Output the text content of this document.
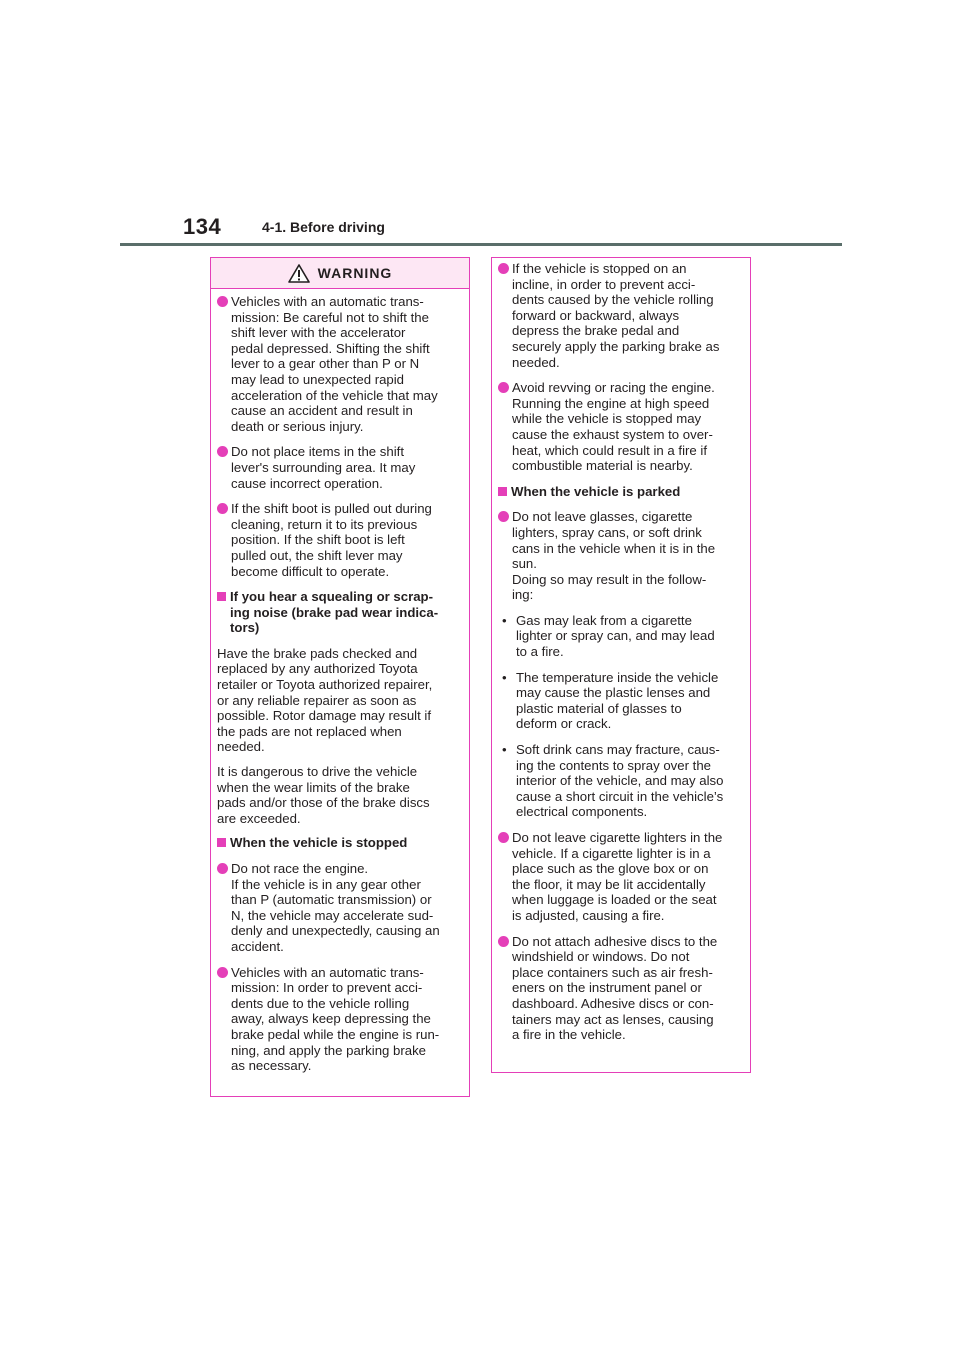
134	4-1. Before driving
WARNING
Vehicles with an automatic trans-
mission: Be careful not to shift the
shift lever with the accelerator
pedal depressed. Shifting the shift
lever to a gear other than P or N
may lead to unexpected rapid
acceleration of the vehicle that may
cause an accident and result in
death or serious injury.
Do not place items in the shift
lever's surrounding area. It may
cause incorrect operation.
If the shift boot is pulled out during
cleaning, return it to its previous
position. If the shift boot is left
pulled out, the shift lever may
become difficult to operate.
If you hear a squealing or scrap-
ing noise (brake pad wear indica-
tors)
Have the brake pads checked and
replaced by any authorized Toyota
retailer or Toyota authorized repairer,
or any reliable repairer as soon as
possible. Rotor damage may result if
the pads are not replaced when
needed.
It is dangerous to drive the vehicle
when the wear limits of the brake
pads and/or those of the brake discs
are exceeded.
When the vehicle is stopped
Do not race the engine.
If the vehicle is in any gear other
than P (automatic transmission) or
N, the vehicle may accelerate sud-
denly and unexpectedly, causing an
accident.
Vehicles with an automatic trans-
mission: In order to prevent acci-
dents due to the vehicle rolling
away, always keep depressing the
brake pedal while the engine is run-
ning, and apply the parking brake
as necessary.
If the vehicle is stopped on an
incline, in order to prevent acci-
dents caused by the vehicle rolling
forward or backward, always
depress the brake pedal and
securely apply the parking brake as
needed.
Avoid revving or racing the engine.
Running the engine at high speed
while the vehicle is stopped may
cause the exhaust system to over-
heat, which could result in a fire if
combustible material is nearby.
When the vehicle is parked
Do not leave glasses, cigarette
lighters, spray cans, or soft drink
cans in the vehicle when it is in the
sun.
Doing so may result in the follow-
ing:
• Gas may leak from a cigarette
lighter or spray can, and may lead
to a fire.
• The temperature inside the vehicle
may cause the plastic lenses and
plastic material of glasses to
deform or crack.
• Soft drink cans may fracture, caus-
ing the contents to spray over the
interior of the vehicle, and may also
cause a short circuit in the vehicle’s
electrical components.
Do not leave cigarette lighters in the
vehicle. If a cigarette lighter is in a
place such as the glove box or on
the floor, it may be lit accidentally
when luggage is loaded or the seat
is adjusted, causing a fire.
Do not attach adhesive discs to the
windshield or windows. Do not
place containers such as air fresh-
eners on the instrument panel or
dashboard. Adhesive discs or con-
tainers may act as lenses, causing
a fire in the vehicle.
